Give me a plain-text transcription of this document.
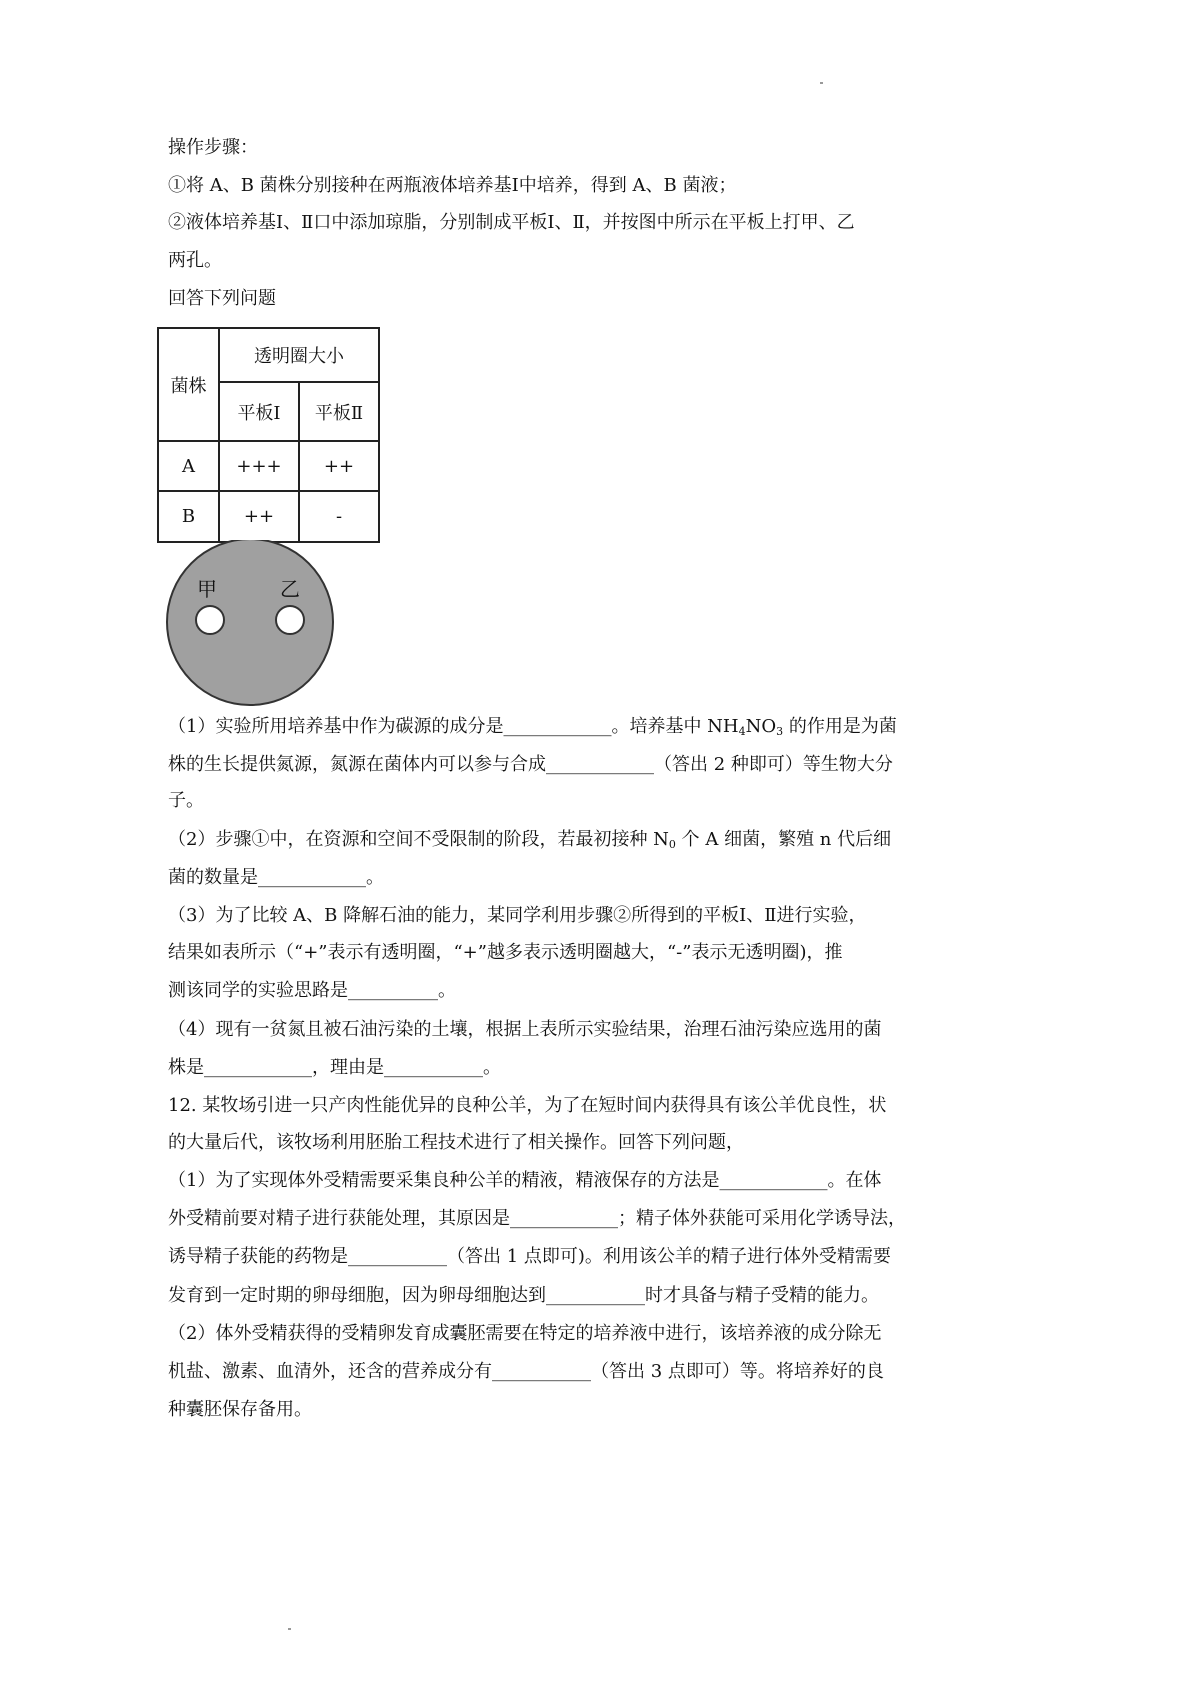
操作步骤：
①将 A、B 菌株分别接种在两瓶液体培养基Ⅰ中培养，得到 A、B 菌液；
②液体培养基Ⅰ、Ⅱ口中添加琼脂，分别制成平板Ⅰ、Ⅱ，并按图中所示在平板上打甲、乙
两孔。
回答下列问题
菌株	透明圈大小	
	平板Ⅰ	平板Ⅱ
A	+++	++
B	++	-
甲	乙
（1）实验所用培养基中作为碳源的成分是____________。培养基中 $NH_4NO_3$ 的作用是为菌
株的生长提供氮源，氮源在菌体内可以参与合成____________（答出 2 种即可）等生物大分
子。
（2）步骤①中，在资源和空间不受限制的阶段，若最初接种 $N_0$ 个 A 细菌，繁殖 n 代后细
菌的数量是____________。
（3）为了比较 A、B 降解石油的能力，某同学利用步骤②所得到的平板Ⅰ、Ⅱ进行实验，
结果如表所示（“+”表示有透明圈，“+”越多表示透明圈越大，“-”表示无透明圈)，推
测该同学的实验思路是__________。
（4）现有一贫氮且被石油污染的土壤，根据上表所示实验结果，治理石油污染应选用的菌
株是____________，理由是___________。
12. 某牧场引进一只产肉性能优异的良种公羊，为了在短时间内获得具有该公羊优良性，状
的大量后代，该牧场利用胚胎工程技术进行了相关操作。回答下列问题，
（1）为了实现体外受精需要采集良种公羊的精液，精液保存的方法是____________。在体
外受精前要对精子进行获能处理，其原因是____________；精子体外获能可采用化学诱导法，
诱导精子获能的药物是___________（答出 1 点即可)。利用该公羊的精子进行体外受精需要
发育到一定时期的卵母细胞，因为卵母细胞达到___________时才具备与精子受精的能力。
（2）体外受精获得的受精卵发育成囊胚需要在特定的培养液中进行，该培养液的成分除无
机盐、激素、血清外，还含的营养成分有___________（答出 3 点即可）等。将培养好的良
种囊胚保存备用。
